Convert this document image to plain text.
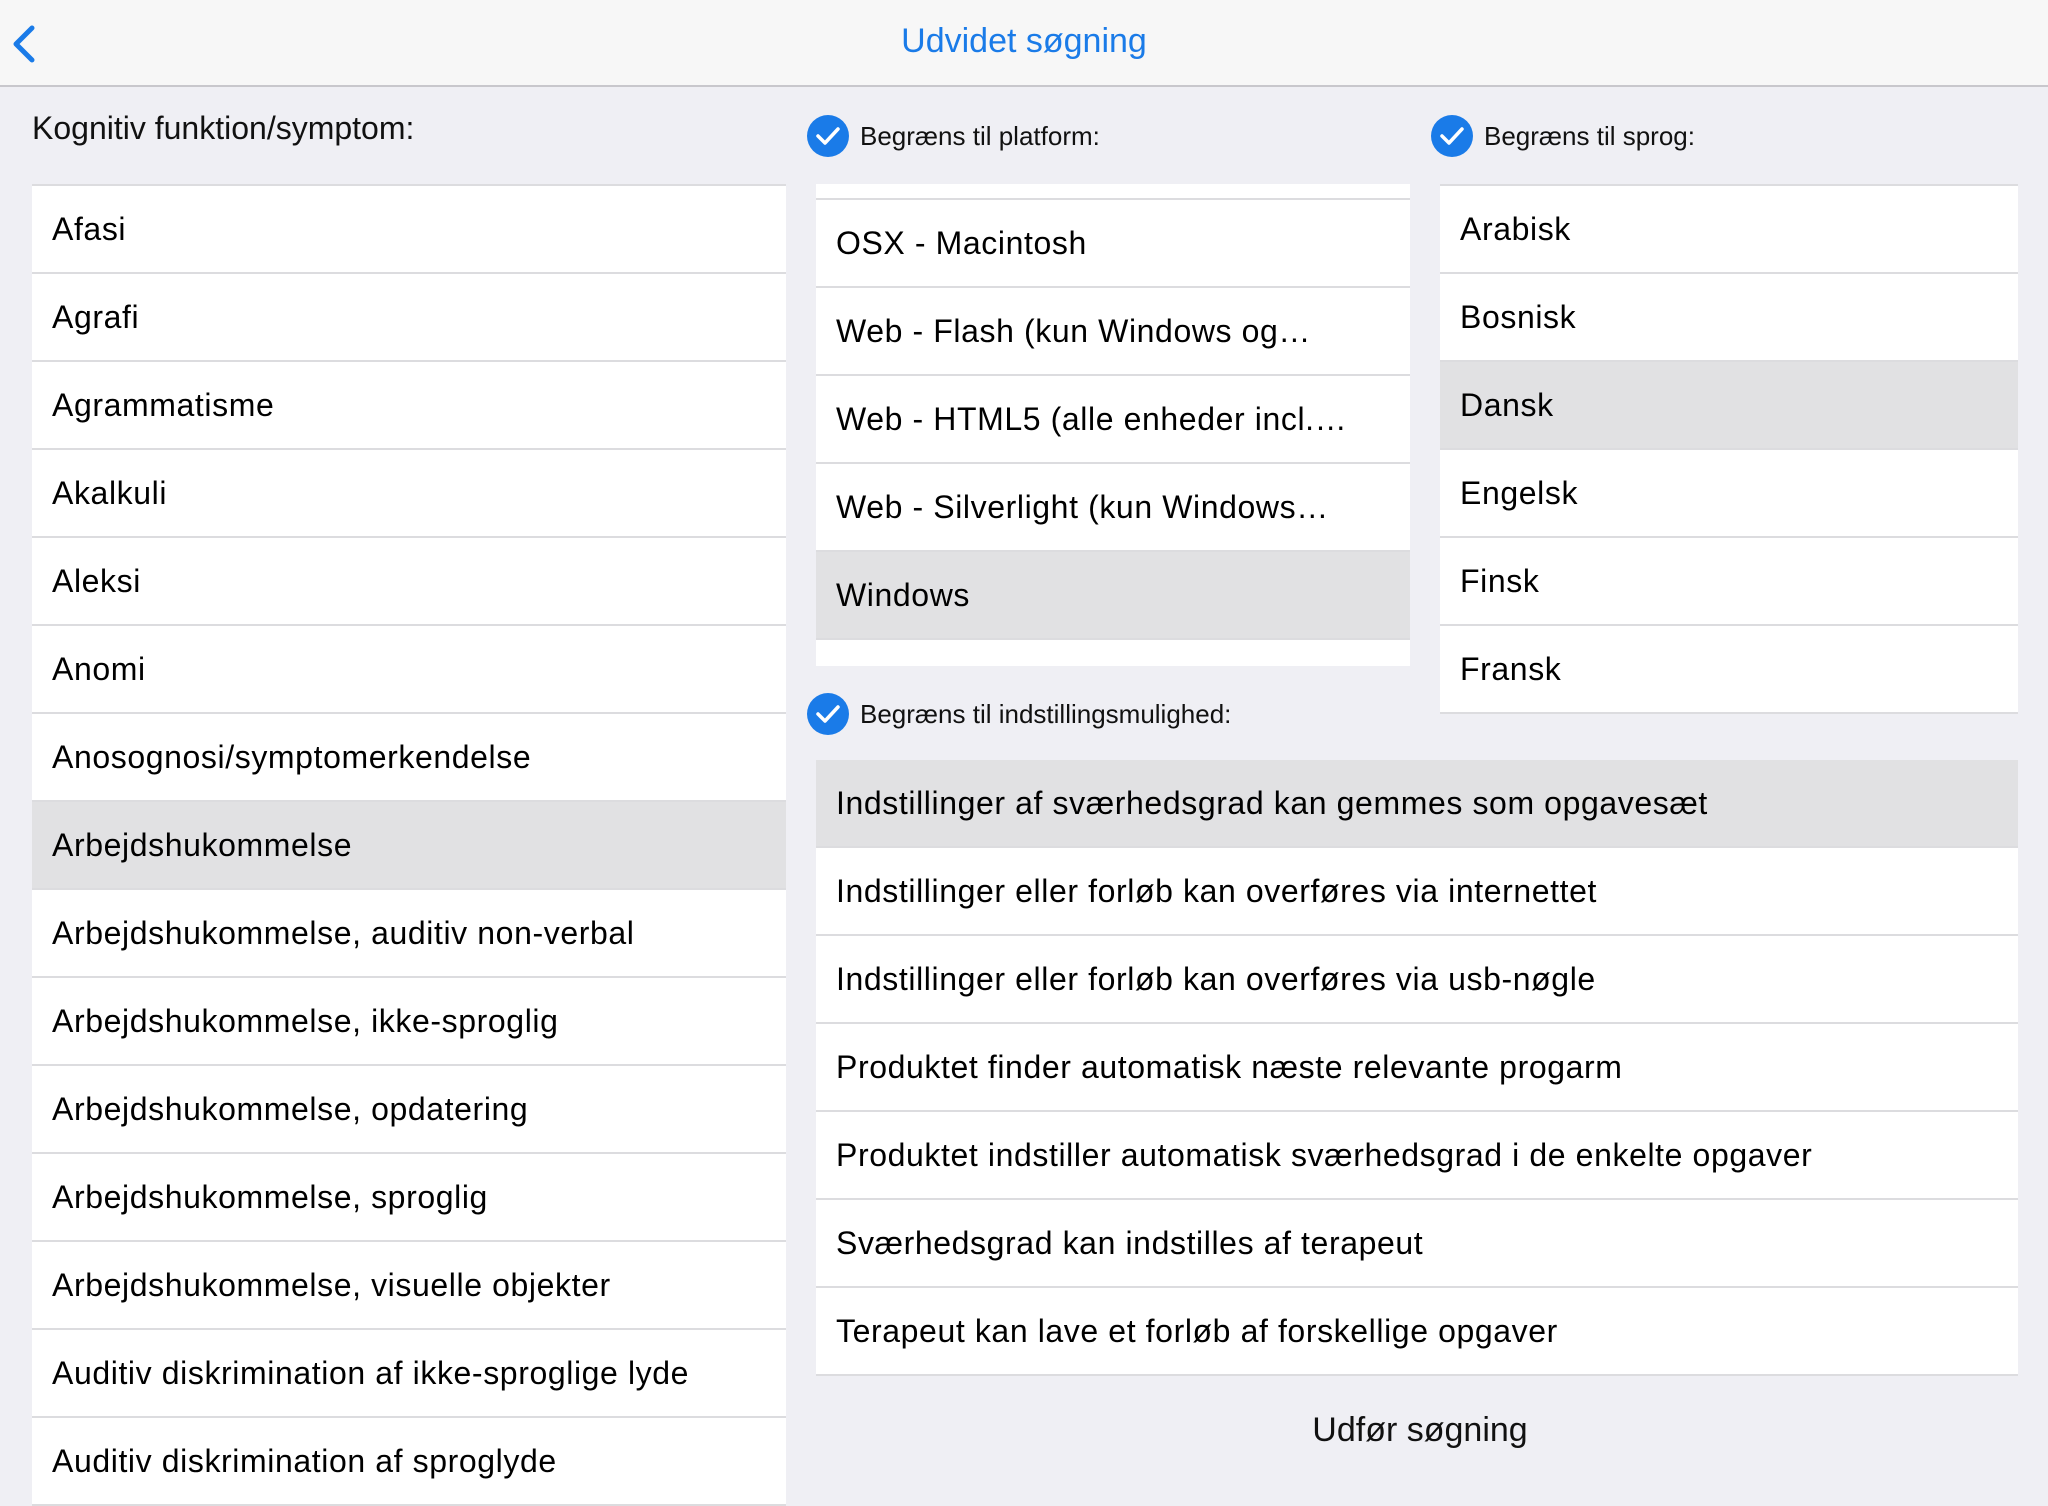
Udvidet søgning
Kognitiv funktion/symptom:
Afasi
Agrafi
Agrammatisme
Akalkuli
Aleksi
Anomi
Anosognosi/symptomerkendelse
Arbejdshukommelse
Arbejdshukommelse, auditiv non-verbal
Arbejdshukommelse, ikke-sproglig
Arbejdshukommelse, opdatering
Arbejdshukommelse, sproglig
Arbejdshukommelse, visuelle objekter
Auditiv diskrimination af ikke-sproglige lyde
Auditiv diskrimination af sproglyde
Begræns til platform:
OSX - Macintosh
Web - Flash (kun Windows og…
Web - HTML5 (alle enheder incl.…
Web - Silverlight (kun Windows…
Windows
Begræns til sprog:
Arabisk
Bosnisk
Dansk
Engelsk
Finsk
Fransk
Begræns til indstillingsmulighed:
Indstillinger af sværhedsgrad kan gemmes som opgavesæt
Indstillinger eller forløb kan overføres via internettet
Indstillinger eller forløb kan overføres via usb-nøgle
Produktet finder automatisk næste relevante progarm
Produktet indstiller automatisk sværhedsgrad i de enkelte opgaver
Sværhedsgrad kan indstilles af terapeut
Terapeut kan lave et forløb af forskellige opgaver
Udfør søgning
